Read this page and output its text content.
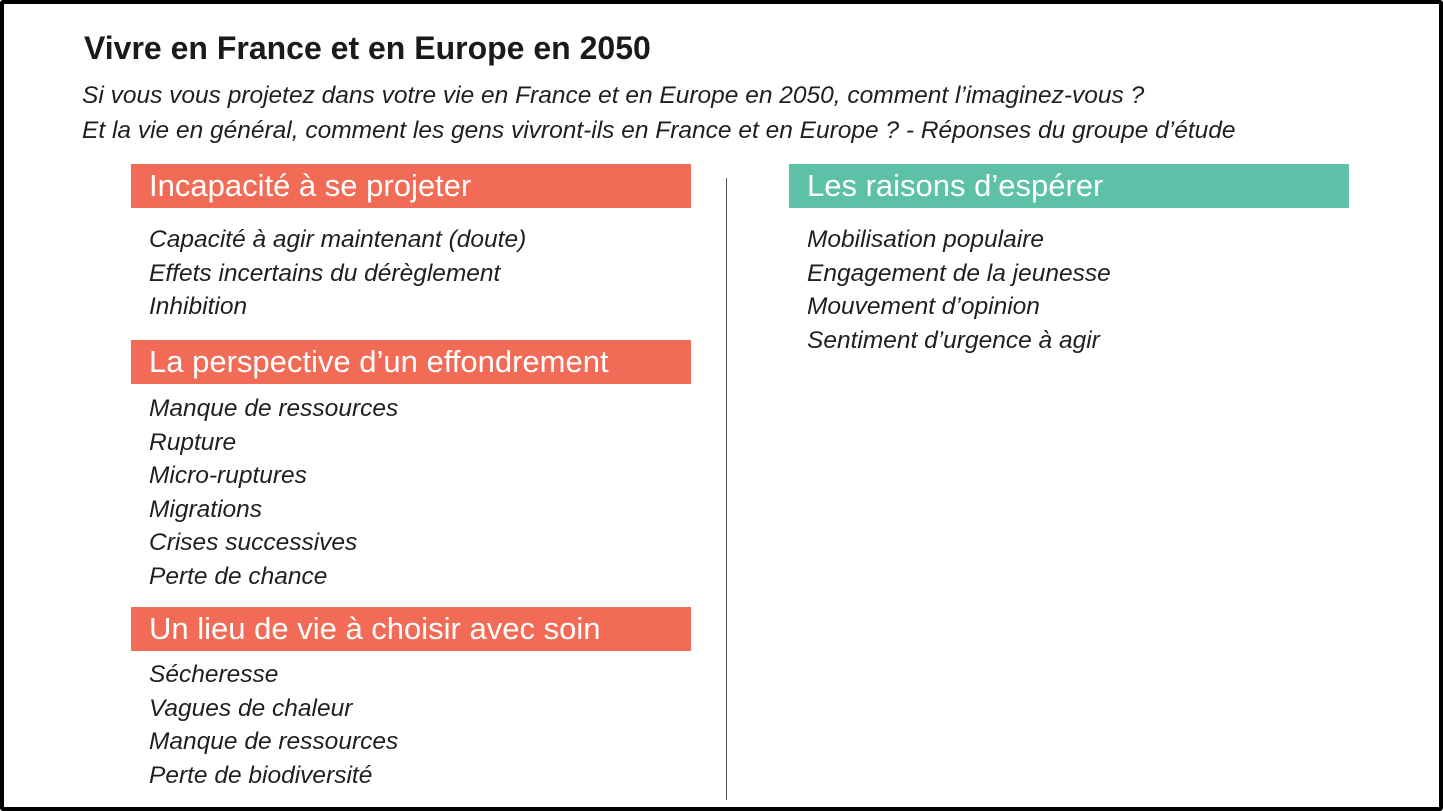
Vivre en France et en Europe en 2050

Si vous vous projetez dans votre vie en France et en Europe en 2050, comment l’imaginez-vous ?
Et la vie en général, comment les gens vivront-ils en France et en Europe ? - Réponses du groupe d’étude

Incapacité à se projeter
Capacité à agir maintenant (doute)
Effets incertains du dérèglement
Inhibition
La perspective d’un effondrement
Manque de ressources
Rupture
Micro-ruptures
Migrations
Crises successives
Perte de chance
Un lieu de vie à choisir avec soin
Sécheresse
Vagues de chaleur
Manque de ressources
Perte de biodiversité
Les raisons d’espérer
Mobilisation populaire
Engagement de la jeunesse
Mouvement d’opinion
Sentiment d’urgence à agir
